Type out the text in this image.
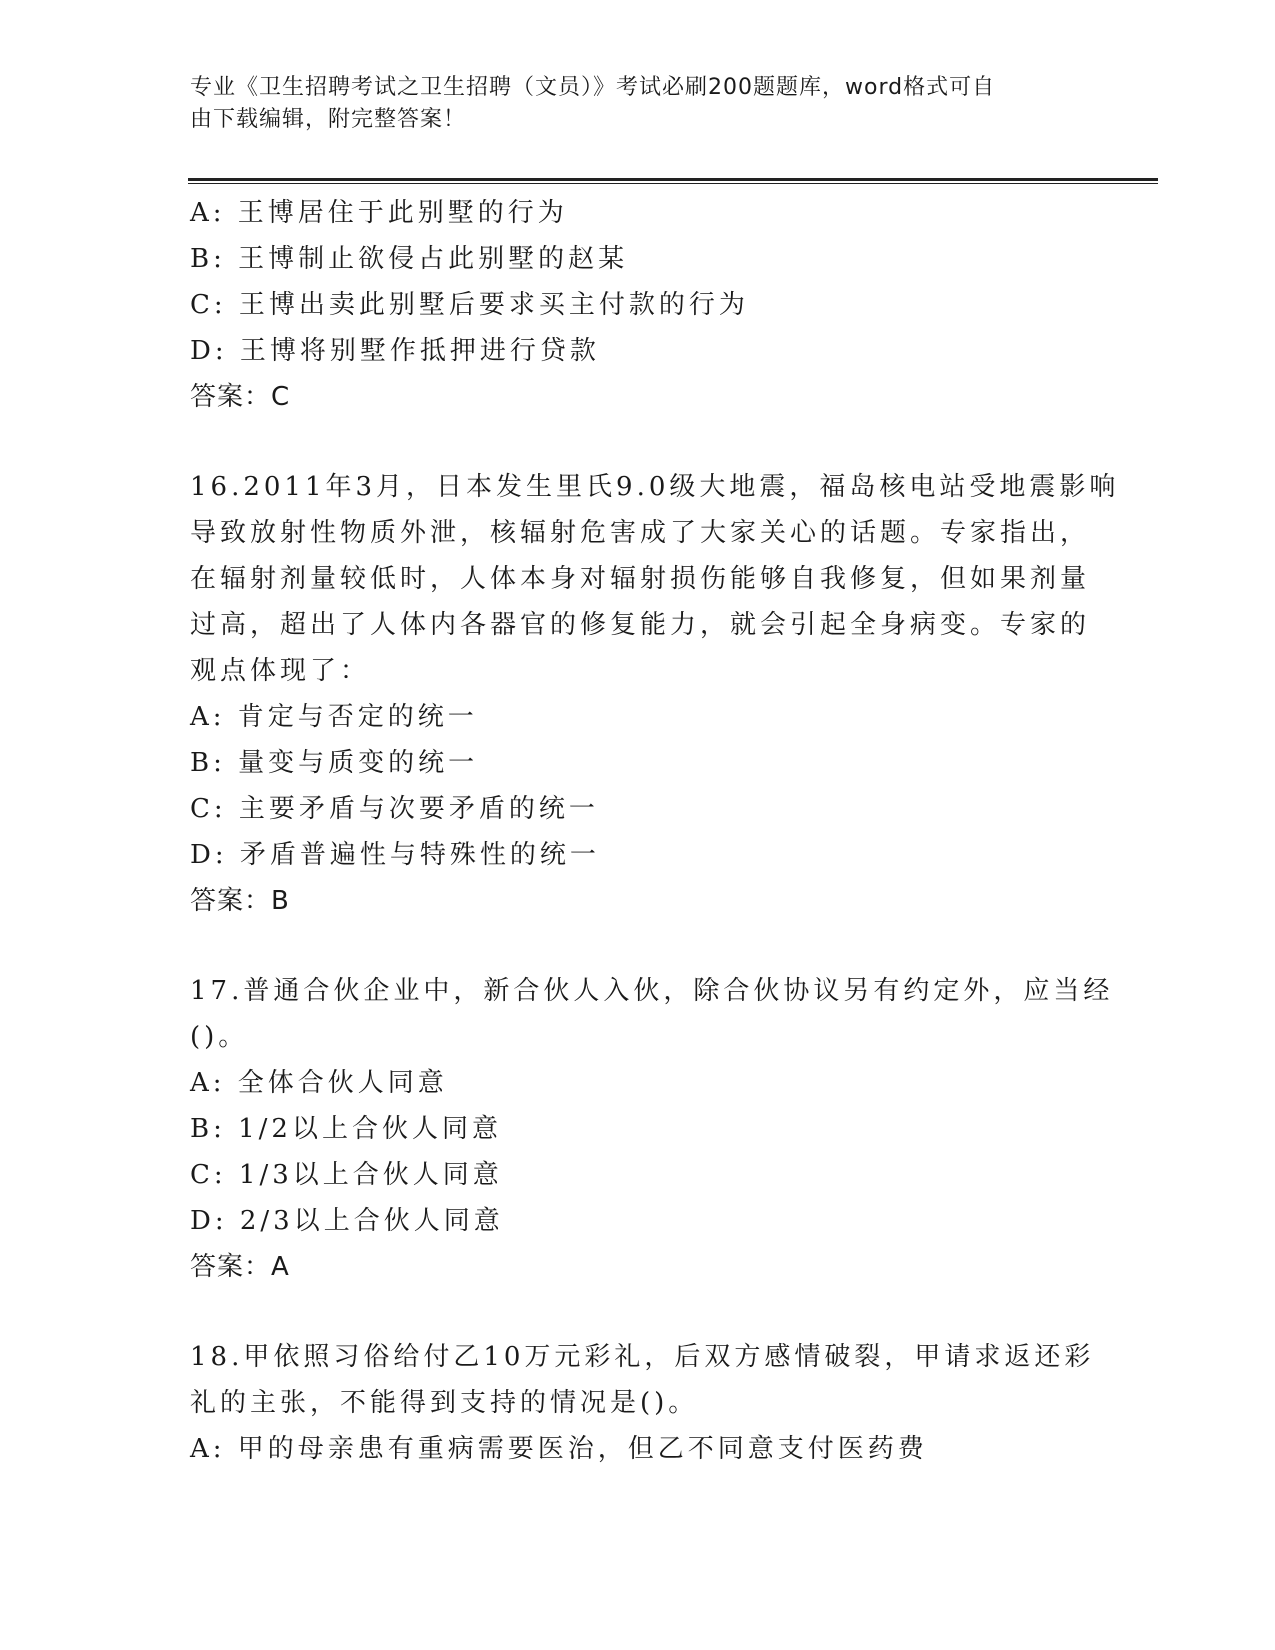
专业《卫生招聘考试之卫生招聘（文员）》考试必刷200题题库，word格式可自
由下载编辑，附完整答案！
A: 王博居住于此别墅的行为
B: 王博制止欲侵占此别墅的赵某
C: 王博出卖此别墅后要求买主付款的行为
D: 王博将别墅作抵押进行贷款
答案：C
16.2011年3月，日本发生里氏9.0级大地震，福岛核电站受地震影响
导致放射性物质外泄，核辐射危害成了大家关心的话题。专家指出，
在辐射剂量较低时，人体本身对辐射损伤能够自我修复，但如果剂量
过高，超出了人体内各器官的修复能力，就会引起全身病变。专家的
观点体现了：
A: 肯定与否定的统一
B: 量变与质变的统一
C: 主要矛盾与次要矛盾的统一
D: 矛盾普遍性与特殊性的统一
答案：B
17.普通合伙企业中，新合伙人入伙，除合伙协议另有约定外，应当经
()。
A: 全体合伙人同意
B: 1/2以上合伙人同意
C: 1/3以上合伙人同意
D: 2/3以上合伙人同意
答案：A
18.甲依照习俗给付乙10万元彩礼，后双方感情破裂，甲请求返还彩
礼的主张，不能得到支持的情况是()。
A: 甲的母亲患有重病需要医治，但乙不同意支付医药费
